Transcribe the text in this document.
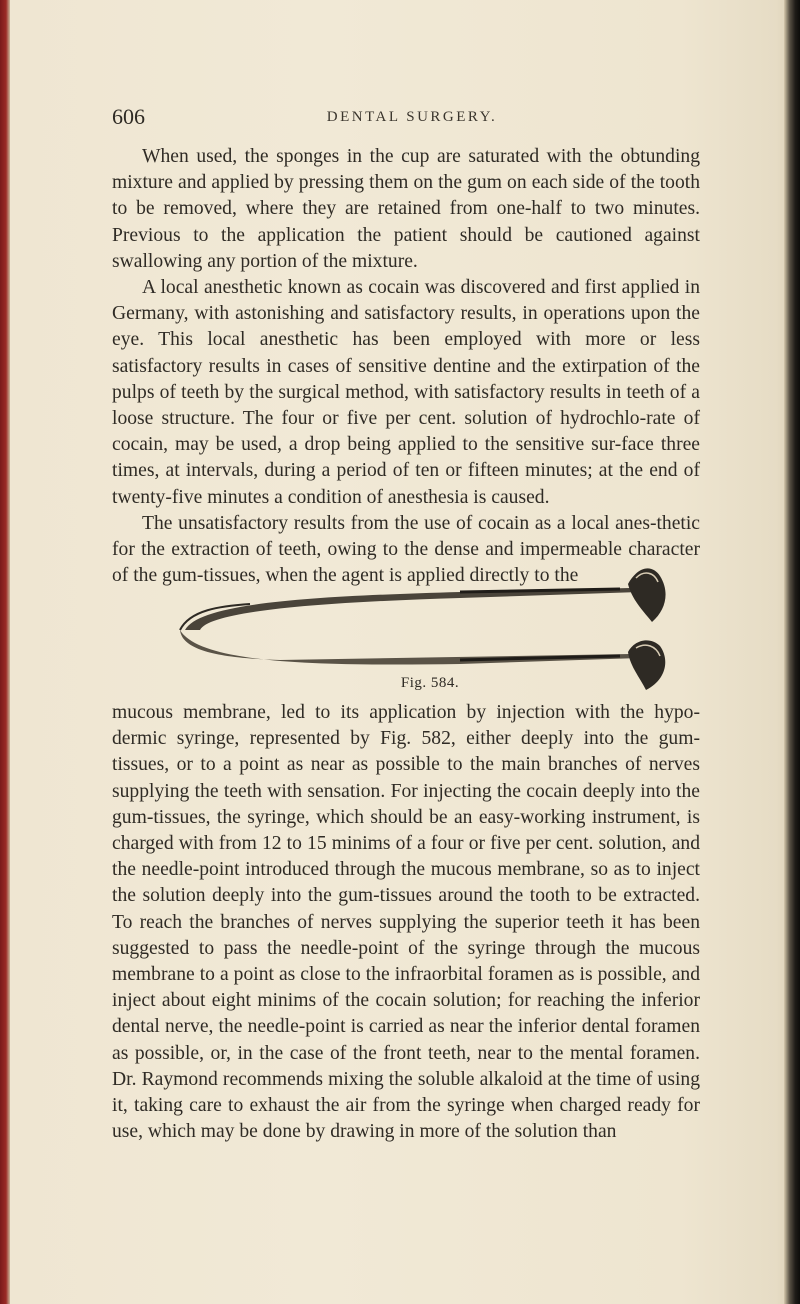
606	DENTAL SURGERY.

When used, the sponges in the cup are saturated with the obtunding mixture and applied by pressing them on the gum on each side of the tooth to be removed, where they are retained from one-half to two minutes. Previous to the application the patient should be cautioned against swallowing any portion of the mixture.

A local anesthetic known as cocain was discovered and first applied in Germany, with astonishing and satisfactory results, in operations upon the eye. This local anesthetic has been employed with more or less satisfactory results in cases of sensitive dentine and the extirpation of the pulps of teeth by the surgical method, with satisfactory results in teeth of a loose structure. The four or five per cent. solution of hydrochlo-rate of cocain, may be used, a drop being applied to the sensitive sur-face three times, at intervals, during a period of ten or fifteen minutes; at the end of twenty-five minutes a condition of anesthesia is caused.

The unsatisfactory results from the use of cocain as a local anes-thetic for the extraction of teeth, owing to the dense and impermeable character of the gum-tissues, when the agent is applied directly to the

Fig. 584.

mucous membrane, led to its application by injection with the hypo-dermic syringe, represented by Fig. 582, either deeply into the gum-tissues, or to a point as near as possible to the main branches of nerves supplying the teeth with sensation. For injecting the cocain deeply into the gum-tissues, the syringe, which should be an easy-working instrument, is charged with from 12 to 15 minims of a four or five per cent. solution, and the needle-point introduced through the mucous membrane, so as to inject the solution deeply into the gum-tissues around the tooth to be extracted. To reach the branches of nerves supplying the superior teeth it has been suggested to pass the needle-point of the syringe through the mucous membrane to a point as close to the infraorbital foramen as is possible, and inject about eight minims of the cocain solution; for reaching the inferior dental nerve, the needle-point is carried as near the inferior dental foramen as possible, or, in the case of the front teeth, near to the mental foramen. Dr. Raymond recommends mixing the soluble alkaloid at the time of using it, taking care to exhaust the air from the syringe when charged ready for use, which may be done by drawing in more of the solution than
